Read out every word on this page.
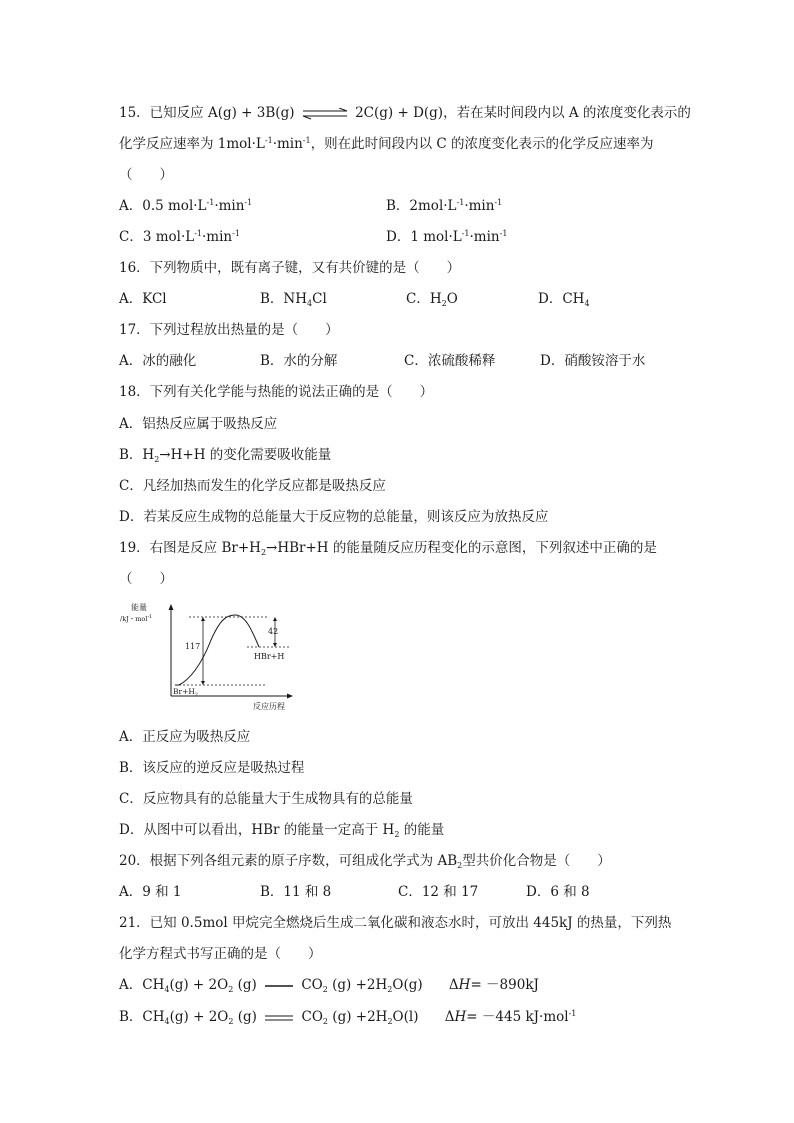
15．已知反应 A(g) + 3B(g) ⇌ 2C(g) + D(g)，若在某时间段内以 A 的浓度变化表示的
化学反应速率为 $1mol\cdot L^{-1}\cdot\min^{-1}$，则在此时间段内以 C 的浓度变化表示的化学反应速率为
（　　）
A．0.5 $mol\cdot L^{-1}\cdot\min^{-1}$	B．$2mol\cdot L^{-1}\cdot\min^{-1}$
C．3 $mol\cdot L^{-1}\cdot\min^{-1}$	D．1 $mol\cdot L^{-1}\cdot\min^{-1}$
16．下列物质中，既有离子键，又有共价键的是（　　）
A．KCl	B．$NH_4Cl$	C．$H_2O$	D．$CH_4$
17．下列过程放出热量的是（　　）
A．冰的融化	B．水的分解	C．浓硫酸稀释	D．硝酸铵溶于水
18．下列有关化学能与热能的说法正确的是（　　）
A．铝热反应属于吸热反应
B．$H_2\to H+H$ 的变化需要吸收能量
C．凡经加热而发生的化学反应都是吸热反应
D．若某反应生成物的总能量大于反应物的总能量，则该反应为放热反应
19．右图是反应 $Br+H_2\to HBr+H$ 的能量随反应历程变化的示意图，下列叙述中正确的是
（　　）
能量
/kJ・mol$^{-1}$
反应历程
117
42
HBr+H
$Br+H_2$
A．正反应为吸热反应
B．该反应的逆反应是吸热过程
C．反应物具有的总能量大于生成物具有的总能量
D．从图中可以看出，HBr 的能量一定高于 $H_2$ 的能量
20．根据下列各组元素的原子序数，可组成化学式为 $AB_2$型共价化合物是（　　）
A．9 和 1	B．11 和 8	C．12 和 17	D．6 和 8
21．已知 0.5mol 甲烷完全燃烧后生成二氧化碳和液态水时，可放出 445kJ 的热量，下列热
化学方程式书写正确的是（　　）
A．$CH_4(g) + 2O_2$ (g)	$CO_2$ $(g) +2H_2O(g)$ ΔH= －890kJ
B．$CH_4(g) + 2O_2$ (g)	$CO_2$ $(g) +2H_2O(l)$ ΔH= －445 kJ·mol$^{-1}$
